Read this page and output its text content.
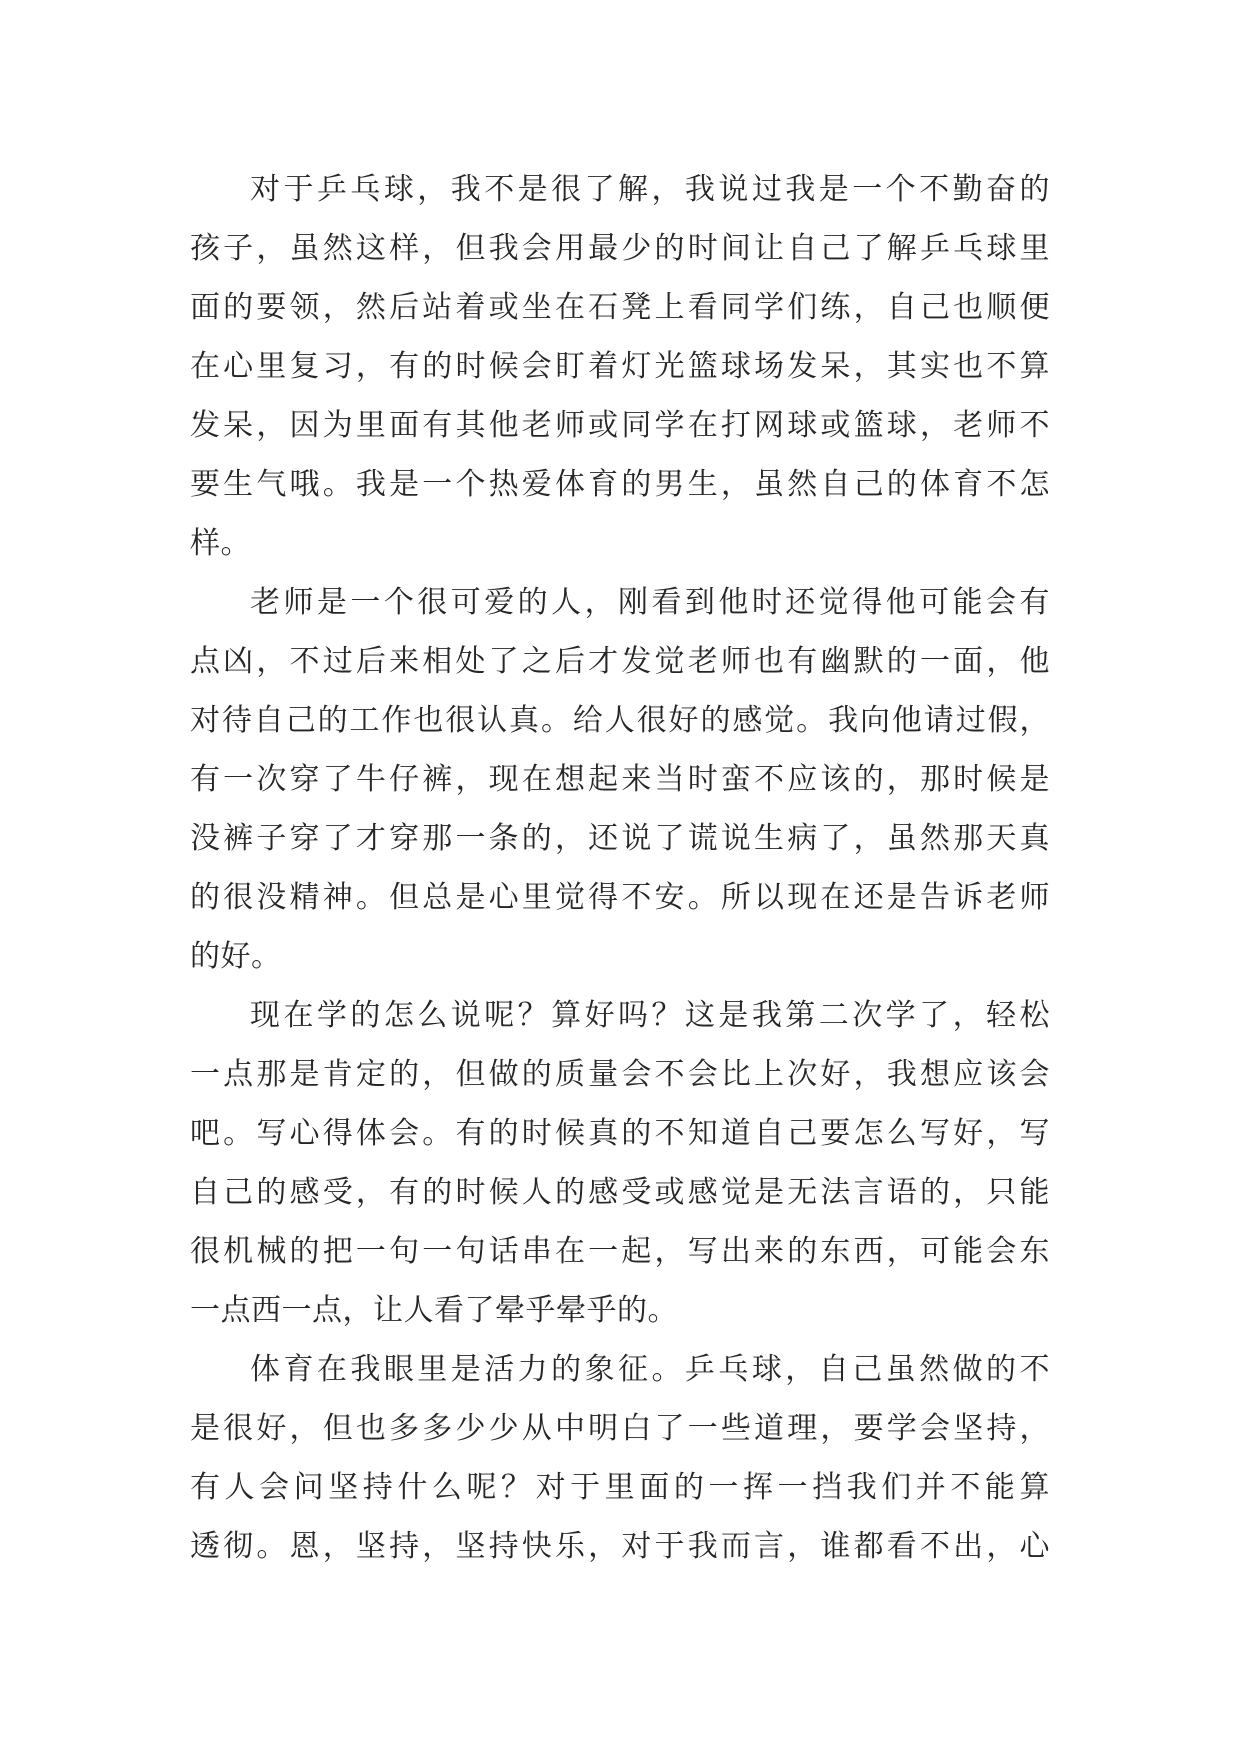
对于乒乓球，我不是很了解，我说过我是一个不勤奋的
孩子，虽然这样，但我会用最少的时间让自己了解乒乓球里
面的要领，然后站着或坐在石凳上看同学们练，自己也顺便
在心里复习，有的时候会盯着灯光篮球场发呆，其实也不算
发呆，因为里面有其他老师或同学在打网球或篮球，老师不
要生气哦。我是一个热爱体育的男生，虽然自己的体育不怎
样。
老师是一个很可爱的人，刚看到他时还觉得他可能会有
点凶，不过后来相处了之后才发觉老师也有幽默的一面，他
对待自己的工作也很认真。给人很好的感觉。我向他请过假，
有一次穿了牛仔裤，现在想起来当时蛮不应该的，那时候是
没裤子穿了才穿那一条的，还说了谎说生病了，虽然那天真
的很没精神。但总是心里觉得不安。所以现在还是告诉老师
的好。
现在学的怎么说呢？算好吗？这是我第二次学了，轻松
一点那是肯定的，但做的质量会不会比上次好，我想应该会
吧。写心得体会。有的时候真的不知道自己要怎么写好，写
自己的感受，有的时候人的感受或感觉是无法言语的，只能
很机械的把一句一句话串在一起，写出来的东西，可能会东
一点西一点，让人看了晕乎晕乎的。
体育在我眼里是活力的象征。乒乓球，自己虽然做的不
是很好，但也多多少少从中明白了一些道理，要学会坚持，
有人会问坚持什么呢？对于里面的一挥一挡我们并不能算
透彻。恩，坚持，坚持快乐，对于我而言，谁都看不出，心
